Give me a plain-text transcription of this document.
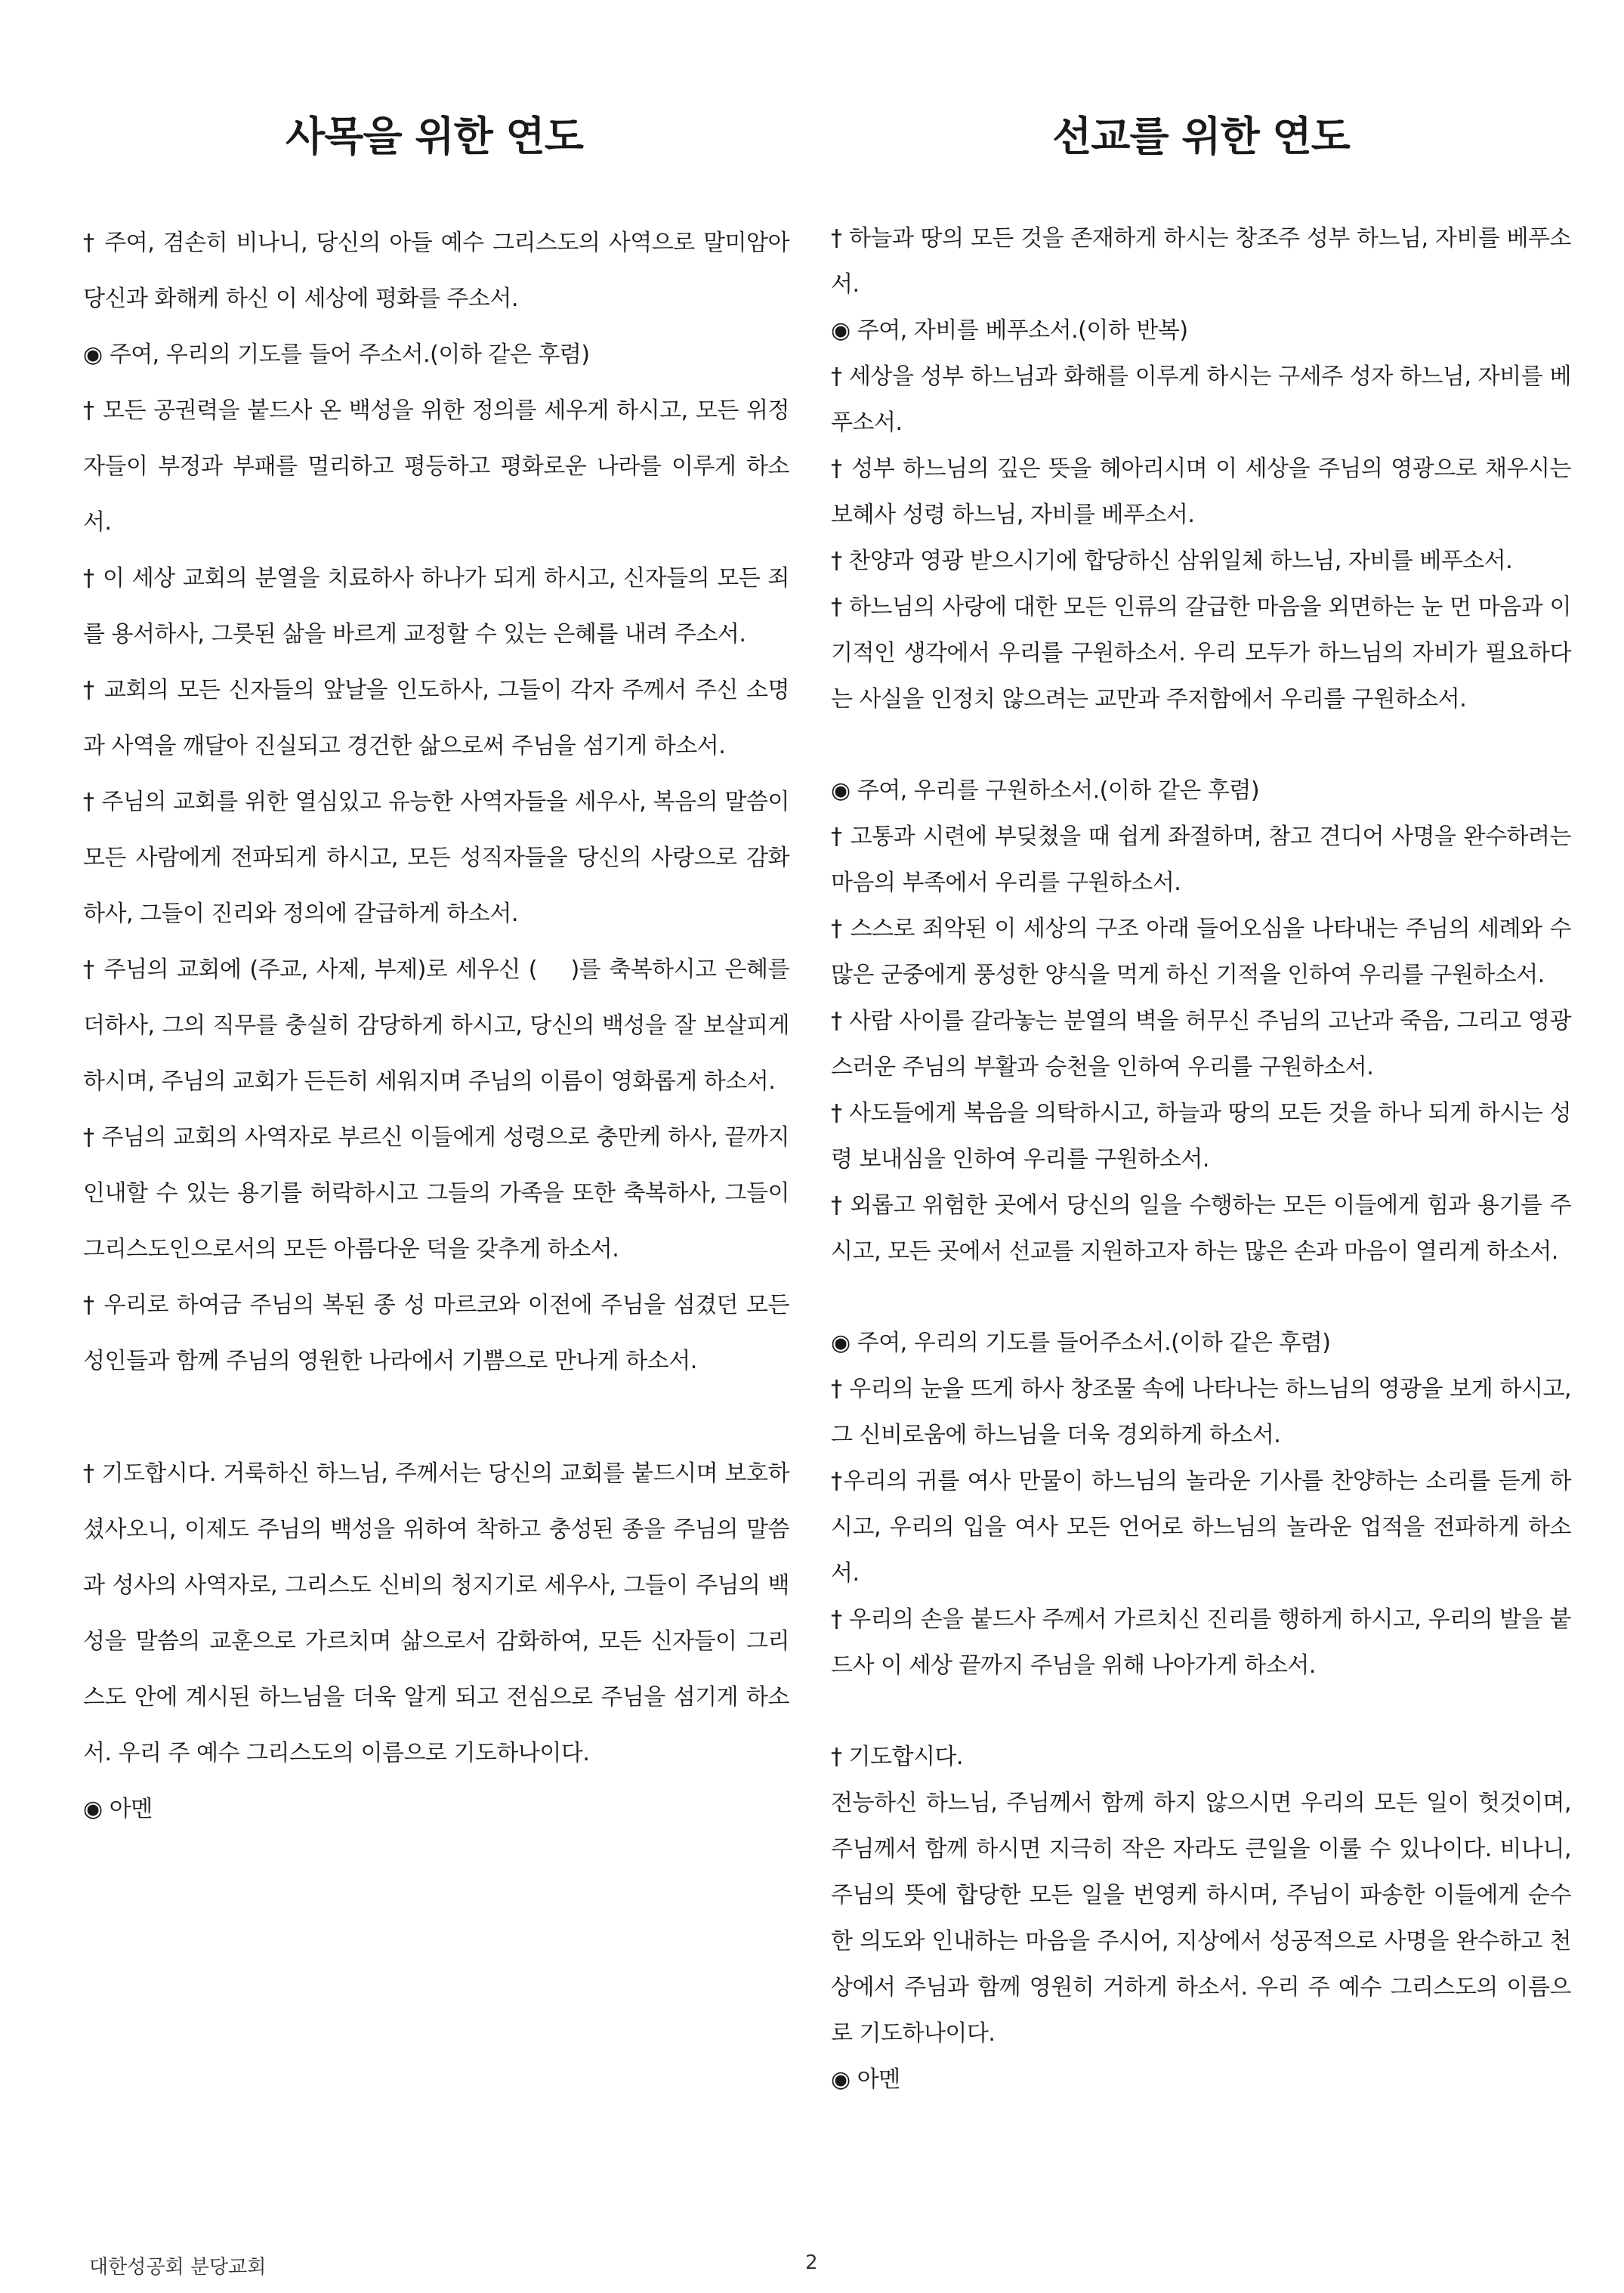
사목을 위한 연도	선교를 위한 연도

† 주여, 겸손히 비나니, 당신의 아들 예수 그리스도의 사역으로 말미암아 당신과 화해케 하신 이 세상에 평화를 주소서.

◉ 주여, 우리의 기도를 들어 주소서.(이하 같은 후렴)

† 모든 공권력을 붙드사 온 백성을 위한 정의를 세우게 하시고, 모든 위정자들이 부정과 부패를 멀리하고 평등하고 평화로운 나라를 이루게 하소서.

† 이 세상 교회의 분열을 치료하사 하나가 되게 하시고, 신자들의 모든 죄를 용서하사, 그릇된 삶을 바르게 교정할 수 있는 은혜를 내려 주소서.

† 교회의 모든 신자들의 앞날을 인도하사, 그들이 각자 주께서 주신 소명과 사역을 깨달아 진실되고 경건한 삶으로써 주님을 섬기게 하소서.

† 주님의 교회를 위한 열심있고 유능한 사역자들을 세우사, 복음의 말씀이 모든 사람에게 전파되게 하시고, 모든 성직자들을 당신의 사랑으로 감화하사, 그들이 진리와 정의에 갈급하게 하소서.

† 주님의 교회에 (주교, 사제, 부제)로 세우신 (　 )를 축복하시고 은혜를 더하사, 그의 직무를 충실히 감당하게 하시고, 당신의 백성을 잘 보살피게 하시며, 주님의 교회가 든든히 세워지며 주님의 이름이 영화롭게 하소서.

† 주님의 교회의 사역자로 부르신 이들에게 성령으로 충만케 하사, 끝까지 인내할 수 있는 용기를 허락하시고 그들의 가족을 또한 축복하사, 그들이 그리스도인으로서의 모든 아름다운 덕을 갖추게 하소서.

† 우리로 하여금 주님의 복된 종 성 마르코와 이전에 주님을 섬겼던 모든 성인들과 함께 주님의 영원한 나라에서 기쁨으로 만나게 하소서.

† 기도합시다. 거룩하신 하느님, 주께서는 당신의 교회를 붙드시며 보호하셨사오니, 이제도 주님의 백성을 위하여 착하고 충성된 종을 주님의 말씀과 성사의 사역자로, 그리스도 신비의 청지기로 세우사, 그들이 주님의 백성을 말씀의 교훈으로 가르치며 삶으로서 감화하여, 모든 신자들이 그리스도 안에 계시된 하느님을 더욱 알게 되고 전심으로 주님을 섬기게 하소서. 우리 주 예수 그리스도의 이름으로 기도하나이다.

◉ 아멘

† 하늘과 땅의 모든 것을 존재하게 하시는 창조주 성부 하느님, 자비를 베푸소서.

◉ 주여, 자비를 베푸소서.(이하 반복)

† 세상을 성부 하느님과 화해를 이루게 하시는 구세주 성자 하느님, 자비를 베푸소서.

† 성부 하느님의 깊은 뜻을 헤아리시며 이 세상을 주님의 영광으로 채우시는 보혜사 성령 하느님, 자비를 베푸소서.

† 찬양과 영광 받으시기에 합당하신 삼위일체 하느님, 자비를 베푸소서.

† 하느님의 사랑에 대한 모든 인류의 갈급한 마음을 외면하는 눈 먼 마음과 이기적인 생각에서 우리를 구원하소서. 우리 모두가 하느님의 자비가 필요하다는 사실을 인정치 않으려는 교만과 주저함에서 우리를 구원하소서.

◉ 주여, 우리를 구원하소서.(이하 같은 후렴)

† 고통과 시련에 부딪쳤을 때 쉽게 좌절하며, 참고 견디어 사명을 완수하려는 마음의 부족에서 우리를 구원하소서.

† 스스로 죄악된 이 세상의 구조 아래 들어오심을 나타내는 주님의 세례와 수많은 군중에게 풍성한 양식을 먹게 하신 기적을 인하여 우리를 구원하소서.

† 사람 사이를 갈라놓는 분열의 벽을 허무신 주님의 고난과 죽음, 그리고 영광스러운 주님의 부활과 승천을 인하여 우리를 구원하소서.

† 사도들에게 복음을 의탁하시고, 하늘과 땅의 모든 것을 하나 되게 하시는 성령 보내심을 인하여 우리를 구원하소서.

† 외롭고 위험한 곳에서 당신의 일을 수행하는 모든 이들에게 힘과 용기를 주시고, 모든 곳에서 선교를 지원하고자 하는 많은 손과 마음이 열리게 하소서.

◉ 주여, 우리의 기도를 들어주소서.(이하 같은 후렴)

† 우리의 눈을 뜨게 하사 창조물 속에 나타나는 하느님의 영광을 보게 하시고, 그 신비로움에 하느님을 더욱 경외하게 하소서.

†우리의 귀를 여사 만물이 하느님의 놀라운 기사를 찬양하는 소리를 듣게 하시고, 우리의 입을 여사 모든 언어로 하느님의 놀라운 업적을 전파하게 하소서.

† 우리의 손을 붙드사 주께서 가르치신 진리를 행하게 하시고, 우리의 발을 붙드사 이 세상 끝까지 주님을 위해 나아가게 하소서.

† 기도합시다.

전능하신 하느님, 주님께서 함께 하지 않으시면 우리의 모든 일이 헛것이며, 주님께서 함께 하시면 지극히 작은 자라도 큰일을 이룰 수 있나이다. 비나니, 주님의 뜻에 합당한 모든 일을 번영케 하시며, 주님이 파송한 이들에게 순수한 의도와 인내하는 마음을 주시어, 지상에서 성공적으로 사명을 완수하고 천상에서 주님과 함께 영원히 거하게 하소서. 우리 주 예수 그리스도의 이름으로 기도하나이다.

◉ 아멘

대한성공회 분당교회	2
